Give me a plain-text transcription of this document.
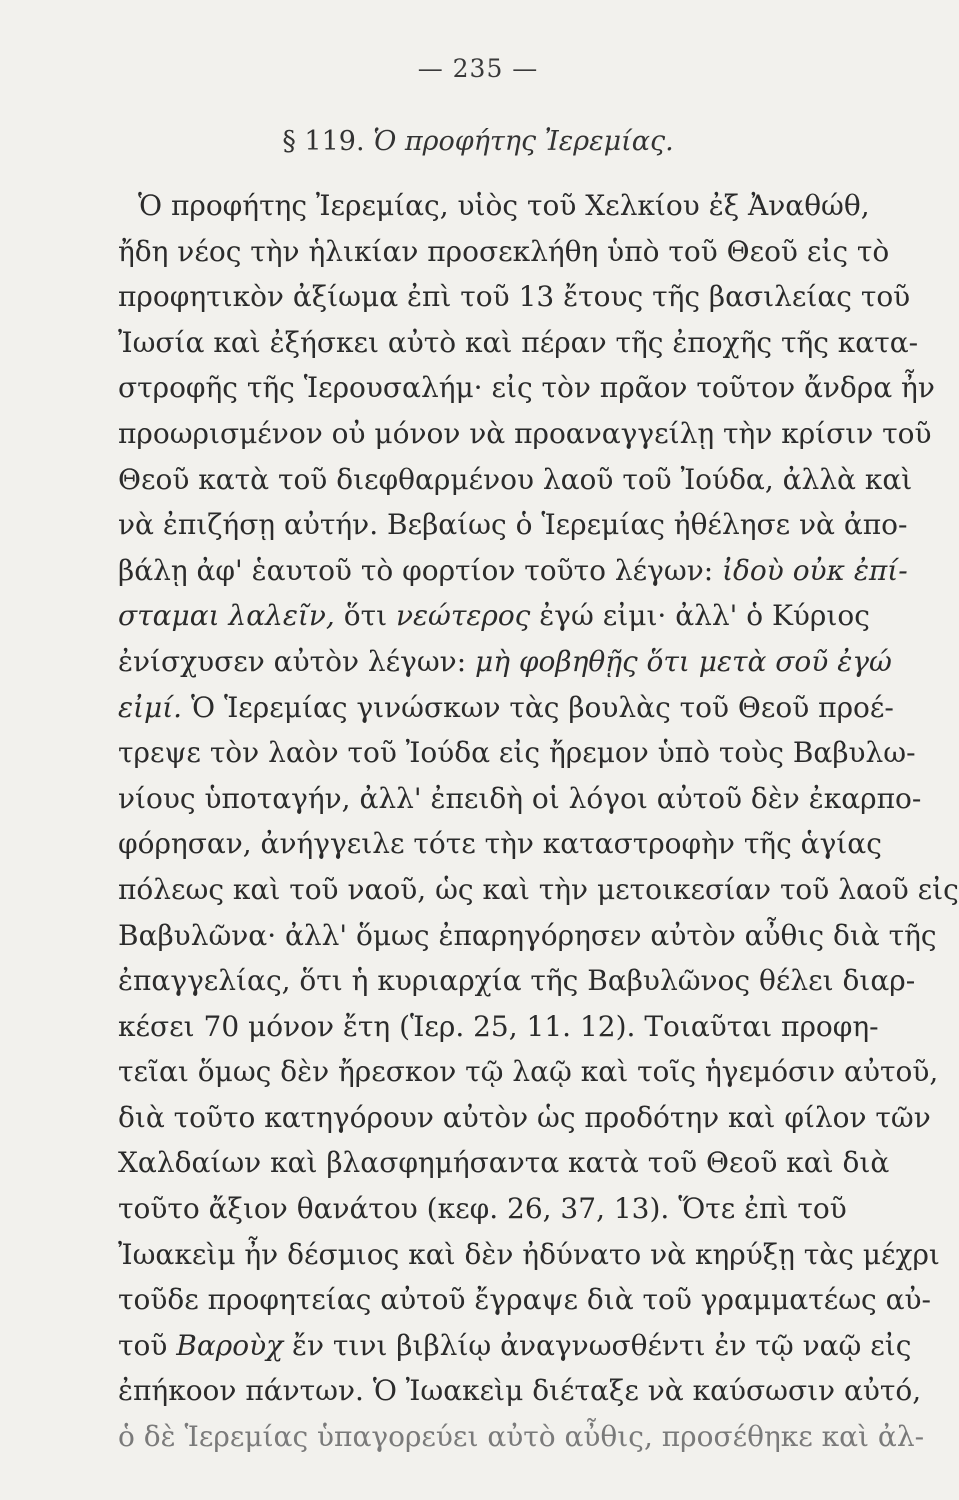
— 235 —
§ 119. Ὁ προφήτης Ἰερεμίας.
Ὁ προφήτης Ἰερεμίας, υἱὸς τοῦ Χελκίου ἐξ Ἀναθώθ,
ἤδη νέος τὴν ἡλικίαν προσεκλήθη ὑπὸ τοῦ Θεοῦ εἰς τὸ
προφητικὸν ἀξίωμα ἐπὶ τοῦ 13 ἔτους τῆς βασιλείας τοῦ
Ἰωσία καὶ ἐξήσκει αὐτὸ καὶ πέραν τῆς ἐποχῆς τῆς κατα-
στροφῆς τῆς Ἱερουσαλήμ· εἰς τὸν πρᾶον τοῦτον ἄνδρα ἦν
προωρισμένον οὐ μόνον νὰ προαναγγείλῃ τὴν κρίσιν τοῦ
Θεοῦ κατὰ τοῦ διεφθαρμένου λαοῦ τοῦ Ἰούδα, ἀλλὰ καὶ
νὰ ἐπιζήσῃ αὐτήν. Βεβαίως ὁ Ἱερεμίας ἠθέλησε νὰ ἀπο-
βάλῃ ἀφ' ἑαυτοῦ τὸ φορτίον τοῦτο λέγων: ἰδοὺ οὐκ ἐπί-
σταμαι λαλεῖν, ὅτι νεώτερος ἐγώ εἰμι· ἀλλ' ὁ Κύριος
ἐνίσχυσεν αὐτὸν λέγων: μὴ φοβηθῇς ὅτι μετὰ σοῦ ἐγώ
εἰμί. Ὁ Ἱερεμίας γινώσκων τὰς βουλὰς τοῦ Θεοῦ προέ-
τρεψε τὸν λαὸν τοῦ Ἰούδα εἰς ἤρεμον ὑπὸ τοὺς Βαβυλω-
νίους ὑποταγήν, ἀλλ' ἐπειδὴ οἱ λόγοι αὐτοῦ δὲν ἐκαρπο-
φόρησαν, ἀνήγγειλε τότε τὴν καταστροφὴν τῆς ἁγίας
πόλεως καὶ τοῦ ναοῦ, ὡς καὶ τὴν μετοικεσίαν τοῦ λαοῦ εἰς
Βαβυλῶνα· ἀλλ' ὅμως ἐπαρηγόρησεν αὐτὸν αὖθις διὰ τῆς
ἐπαγγελίας, ὅτι ἡ κυριαρχία τῆς Βαβυλῶνος θέλει διαρ-
κέσει 70 μόνον ἔτη (Ἱερ. 25, 11. 12). Τοιαῦται προφη-
τεῖαι ὅμως δὲν ἤρεσκον τῷ λαῷ καὶ τοῖς ἡγεμόσιν αὐτοῦ,
διὰ τοῦτο κατηγόρουν αὐτὸν ὡς προδότην καὶ φίλον τῶν
Χαλδαίων καὶ βλασφημήσαντα κατὰ τοῦ Θεοῦ καὶ διὰ
τοῦτο ἄξιον θανάτου (κεφ. 26, 37, 13). Ὅτε ἐπὶ τοῦ
Ἰωακεὶμ ἦν δέσμιος καὶ δὲν ἠδύνατο νὰ κηρύξῃ τὰς μέχρι
τοῦδε προφητείας αὐτοῦ ἔγραψε διὰ τοῦ γραμματέως αὐ-
τοῦ Βαροὺχ ἔν τινι βιβλίῳ ἀναγνωσθέντι ἐν τῷ ναῷ εἰς
ἐπήκοον πάντων. Ὁ Ἰωακεὶμ διέταξε νὰ καύσωσιν αὐτό,
ὁ δὲ Ἱερεμίας ὑπαγορεύει αὐτὸ αὖθις, προσέθηκε καὶ ἀλ-
